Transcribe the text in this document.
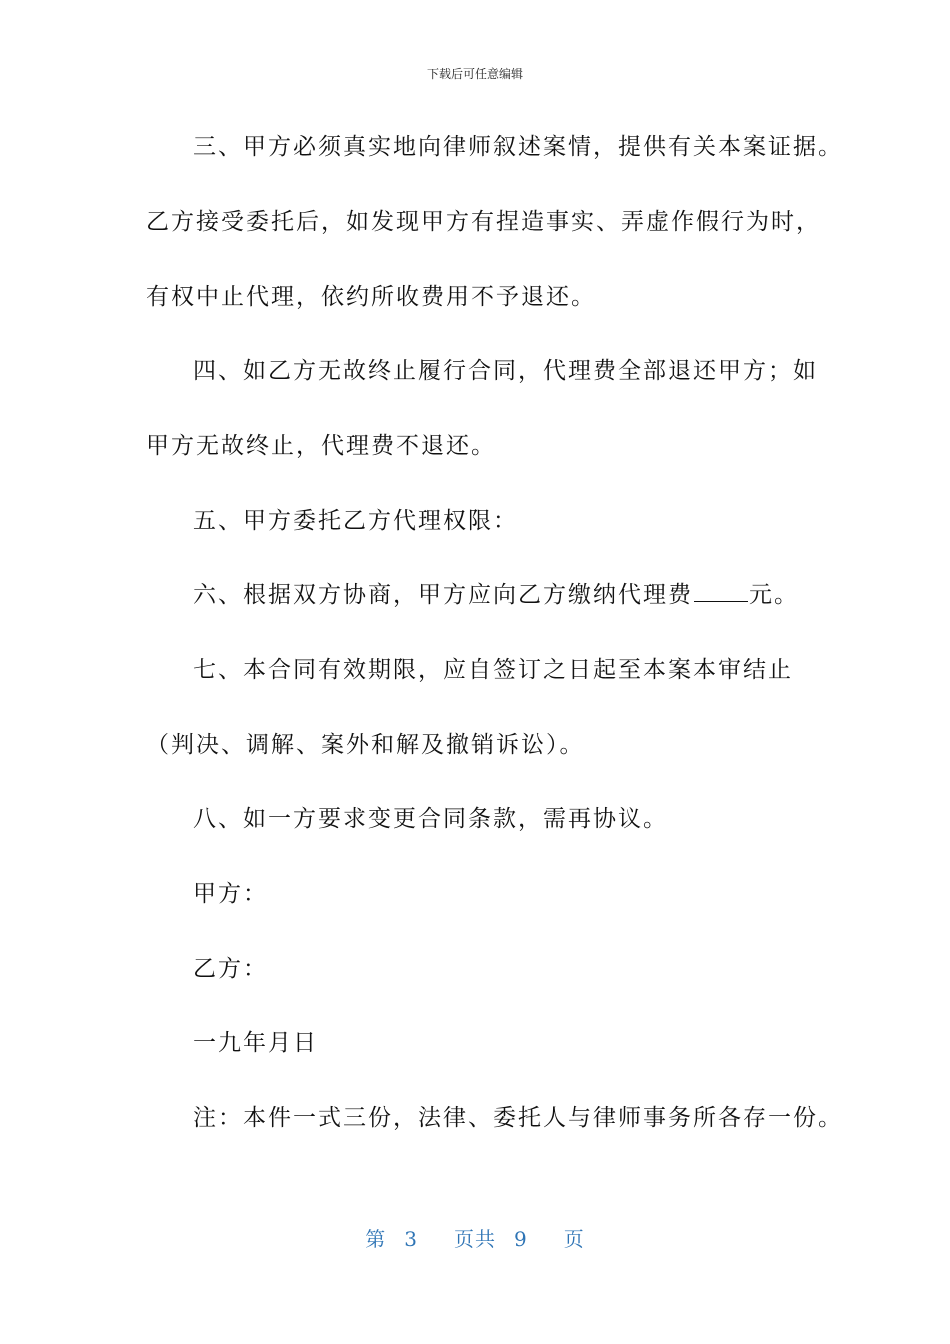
下载后可任意编辑
三、甲方必须真实地向律师叙述案情，提供有关本案证据。
乙方接受委托后，如发现甲方有捏造事实、弄虚作假行为时，
有权中止代理，依约所收费用不予退还。
四、如乙方无故终止履行合同，代理费全部退还甲方；如
甲方无故终止，代理费不退还。
五、甲方委托乙方代理权限：
六、根据双方协商，甲方应向乙方缴纳代理费 元。
七、本合同有效期限，应自签订之日起至本案本审结止
（判决、调解、案外和解及撤销诉讼）。
八、如一方要求变更合同条款，需再协议。
甲方：
乙方：
一九年月日
注：本件一式三份，法律、委托人与律师事务所各存一份。
第 3 页共 9 页
